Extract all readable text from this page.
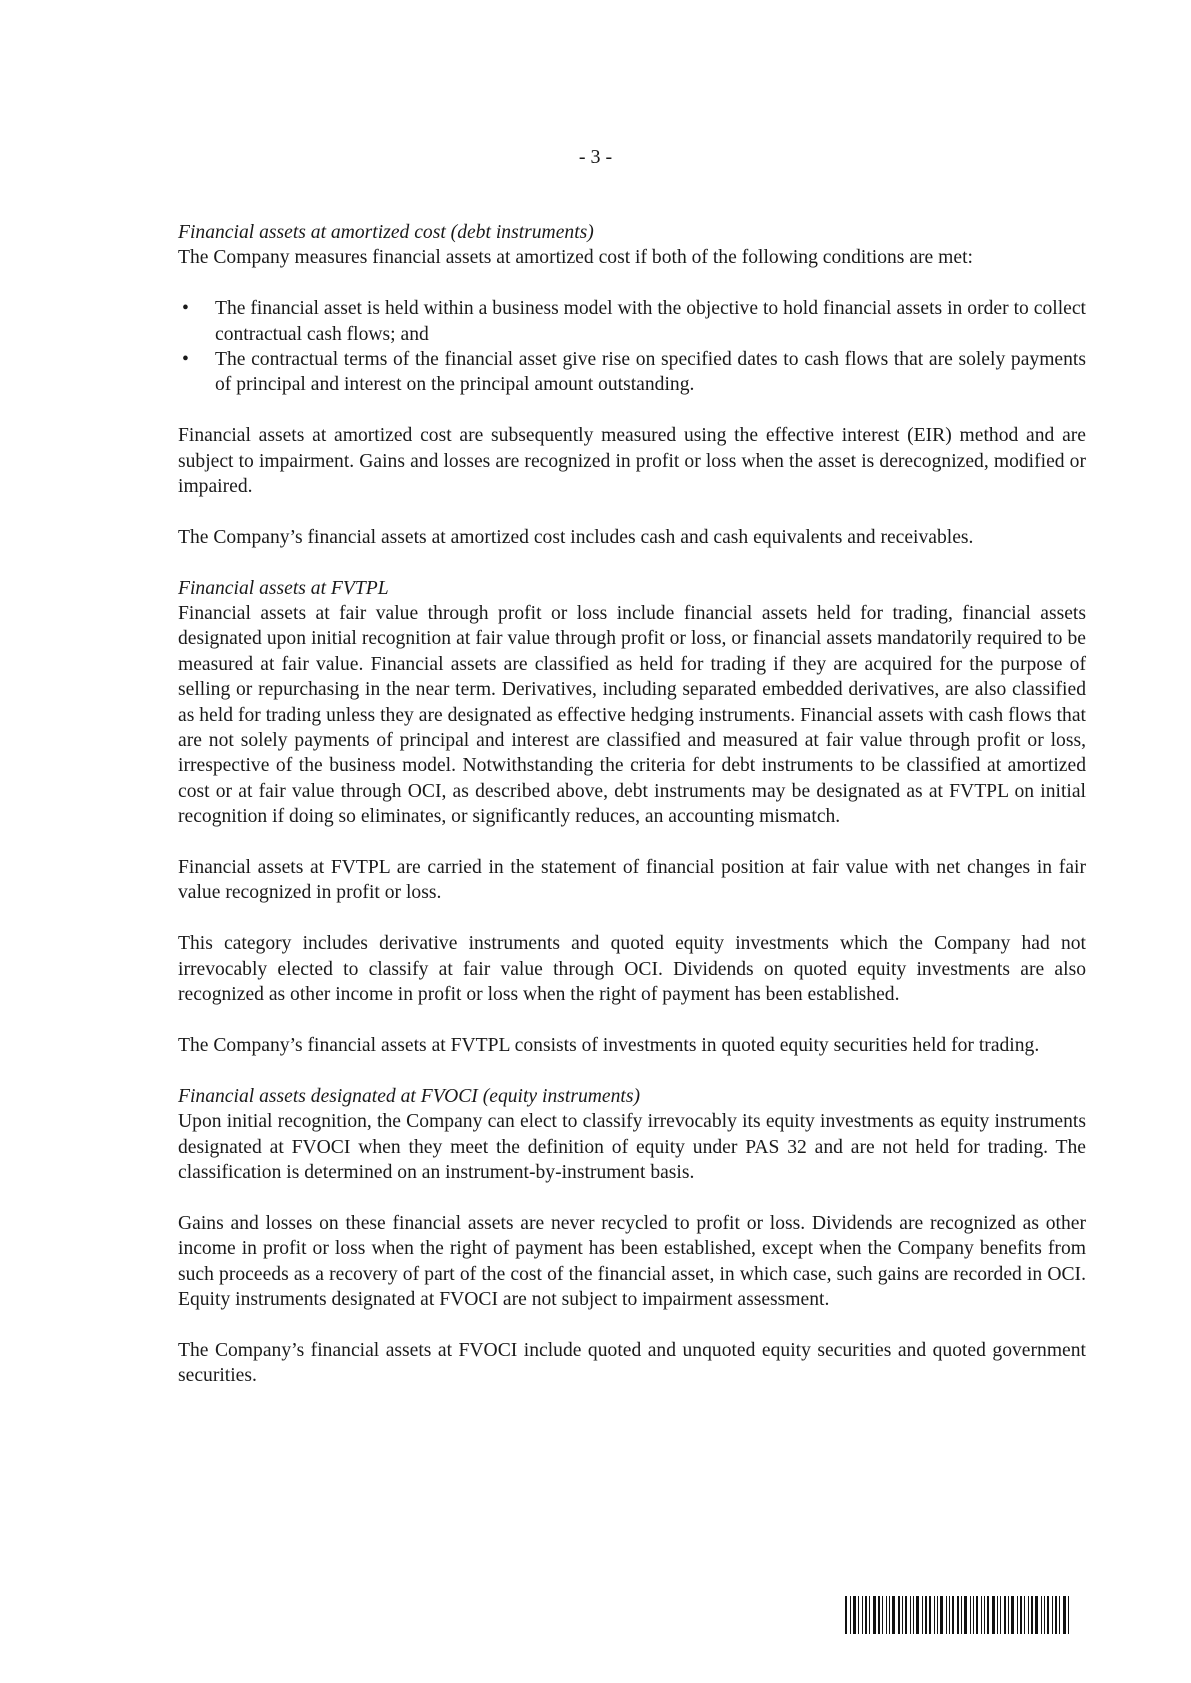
- 3 -

Financial assets at amortized cost (debt instruments)

The Company measures financial assets at amortized cost if both of the following conditions are met:

• The financial asset is held within a business model with the objective to hold financial assets in order to collect contractual cash flows; and
• The contractual terms of the financial asset give rise on specified dates to cash flows that are solely payments of principal and interest on the principal amount outstanding.

Financial assets at amortized cost are subsequently measured using the effective interest (EIR) method and are subject to impairment. Gains and losses are recognized in profit or loss when the asset is derecognized, modified or impaired.

The Company’s financial assets at amortized cost includes cash and cash equivalents and receivables.

Financial assets at FVTPL

Financial assets at fair value through profit or loss include financial assets held for trading, financial assets designated upon initial recognition at fair value through profit or loss, or financial assets mandatorily required to be measured at fair value. Financial assets are classified as held for trading if they are acquired for the purpose of selling or repurchasing in the near term. Derivatives, including separated embedded derivatives, are also classified as held for trading unless they are designated as effective hedging instruments. Financial assets with cash flows that are not solely payments of principal and interest are classified and measured at fair value through profit or loss, irrespective of the business model. Notwithstanding the criteria for debt instruments to be classified at amortized cost or at fair value through OCI, as described above, debt instruments may be designated as at FVTPL on initial recognition if doing so eliminates, or significantly reduces, an accounting mismatch.

Financial assets at FVTPL are carried in the statement of financial position at fair value with net changes in fair value recognized in profit or loss.

This category includes derivative instruments and quoted equity investments which the Company had not irrevocably elected to classify at fair value through OCI. Dividends on quoted equity investments are also recognized as other income in profit or loss when the right of payment has been established.

The Company’s financial assets at FVTPL consists of investments in quoted equity securities held for trading.

Financial assets designated at FVOCI (equity instruments)

Upon initial recognition, the Company can elect to classify irrevocably its equity investments as equity instruments designated at FVOCI when they meet the definition of equity under PAS 32 and are not held for trading. The classification is determined on an instrument-by-instrument basis.

Gains and losses on these financial assets are never recycled to profit or loss. Dividends are recognized as other income in profit or loss when the right of payment has been established, except when the Company benefits from such proceeds as a recovery of part of the cost of the financial asset, in which case, such gains are recorded in OCI. Equity instruments designated at FVOCI are not subject to impairment assessment.

The Company’s financial assets at FVOCI include quoted and unquoted equity securities and quoted government securities.
